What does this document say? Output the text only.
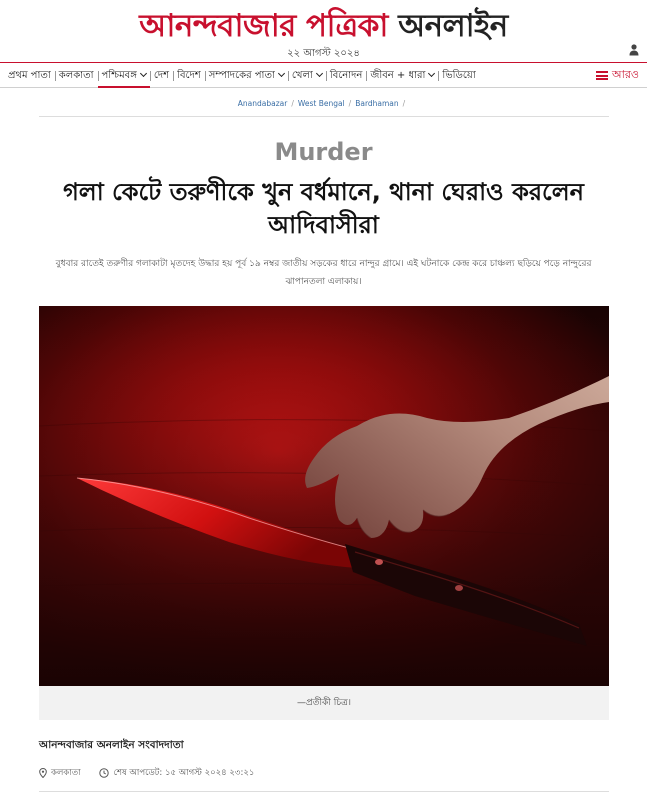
আনন্দবাজার পত্রিকা অনলাইন
২২ আগস্ট ২০২৪
প্রথম পাতা কলকাতা পশ্চিমবঙ্গ	দেশ বিদেশ সম্পাদকের পাতা	খেলা	বিনোদন জীবন + ধারা	ভিডিয়ো	আরও
Anandabazar / West Bengal / Bardhaman /
Murder
গলা কেটে তরুণীকে খুন বর্ধমানে, থানা ঘেরাও করলেন আদিবাসীরা

বুধবার রাতেই তরুণীর গলাকাটা মৃতদেহ উদ্ধার হয় পূর্ব ১৯ নম্বর জাতীয় সড়কের ধারে নান্দুর গ্রামে। এই ঘটনাকে কেন্দ্র করে চাঞ্চল্য ছড়িয়ে পড়ে নান্দুরের ঝাপানতলা এলাকায়।

—প্রতীকী চিত্র।
আনন্দবাজার অনলাইন সংবাদদাতা
কলকাতা	শেষ আপডেট: ১৫ আগস্ট ২০২৪ ২৩:২১
